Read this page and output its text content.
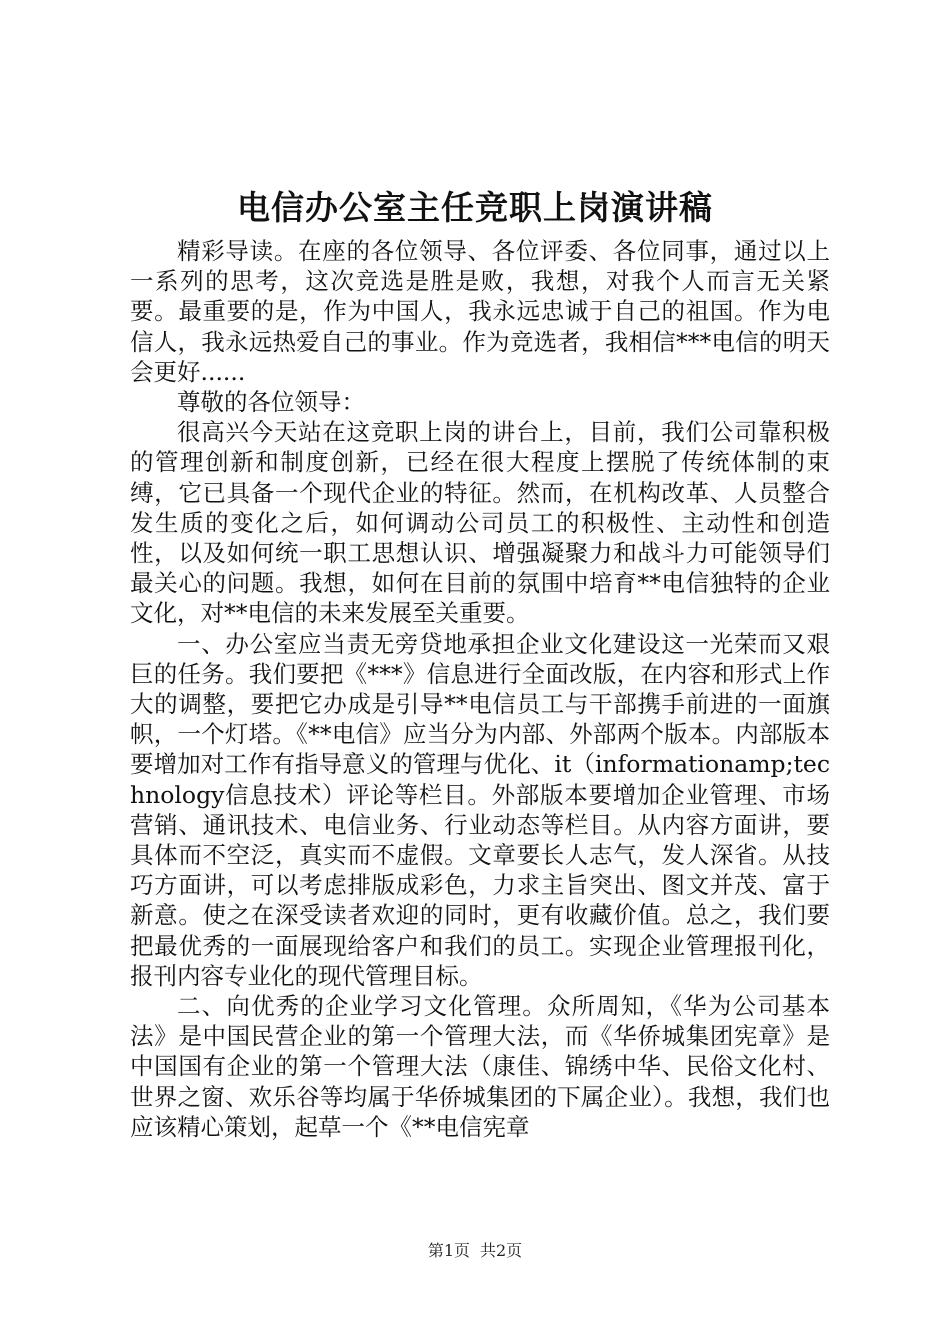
电信办公室主任竞职上岗演讲稿

精彩导读。在座的各位领导、各位评委、各位同事，通过以上一系列的思考，这次竞选是胜是败，我想，对我个人而言无关紧要。最重要的是，作为中国人，我永远忠诚于自己的祖国。作为电信人，我永远热爱自己的事业。作为竞选者，我相信***电信的明天会更好......

尊敬的各位领导：

很高兴今天站在这竞职上岗的讲台上，目前，我们公司靠积极的管理创新和制度创新，已经在很大程度上摆脱了传统体制的束缚，它已具备一个现代企业的特征。然而，在机构改革、人员整合发生质的变化之后，如何调动公司员工的积极性、主动性和创造性，以及如何统一职工思想认识、增强凝聚力和战斗力可能领导们最关心的问题。我想，如何在目前的氛围中培育**电信独特的企业文化，对**电信的未来发展至关重要。

一、办公室应当责无旁贷地承担企业文化建设这一光荣而又艰巨的任务。我们要把《***》信息进行全面改版，在内容和形式上作大的调整，要把它办成是引导**电信员工与干部携手前进的一面旗帜，一个灯塔。《**电信》应当分为内部、外部两个版本。内部版本要增加对工作有指导意义的管理与优化、it（informationamp;technology信息技术）评论等栏目。外部版本要增加企业管理、市场营销、通讯技术、电信业务、行业动态等栏目。从内容方面讲，要具体而不空泛，真实而不虚假。文章要长人志气，发人深省。从技巧方面讲，可以考虑排版成彩色，力求主旨突出、图文并茂、富于新意。使之在深受读者欢迎的同时，更有收藏价值。总之，我们要把最优秀的一面展现给客户和我们的员工。实现企业管理报刊化，报刊内容专业化的现代管理目标。

二、向优秀的企业学习文化管理。众所周知，《华为公司基本法》是中国民营企业的第一个管理大法，而《华侨城集团宪章》是中国国有企业的第一个管理大法（康佳、锦绣中华、民俗文化村、世界之窗、欢乐谷等均属于华侨城集团的下属企业）。我想，我们也应该精心策划，起草一个《**电信宪章

第1页 共2页
